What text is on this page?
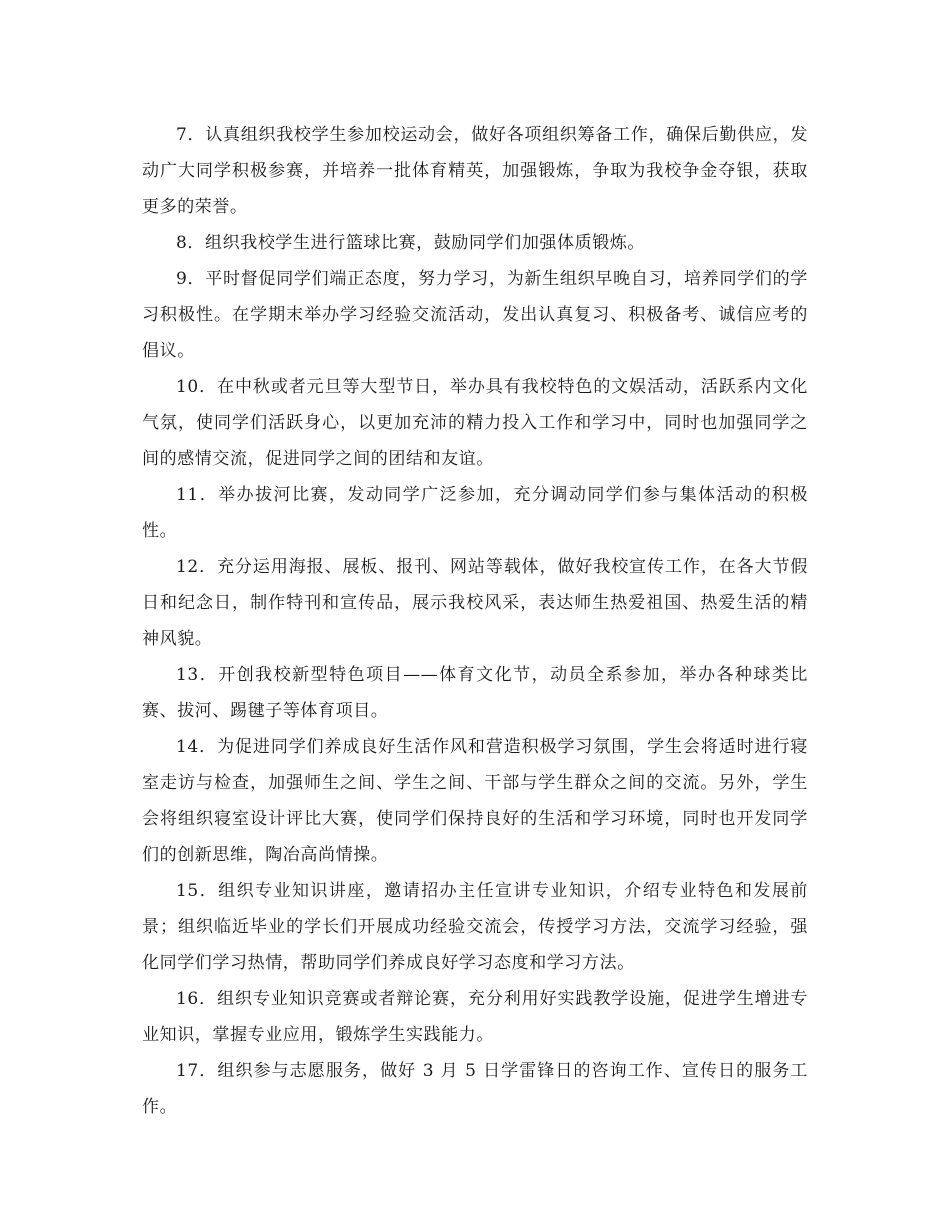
7．认真组织我校学生参加校运动会，做好各项组织筹备工作，确保后勤供应，发动广大同学积极参赛，并培养一批体育精英，加强锻炼，争取为我校争金夺银，获取更多的荣誉。

8．组织我校学生进行篮球比赛，鼓励同学们加强体质锻炼。

9．平时督促同学们端正态度，努力学习，为新生组织早晚自习，培养同学们的学习积极性。在学期末举办学习经验交流活动，发出认真复习、积极备考、诚信应考的倡议。

10．在中秋或者元旦等大型节日，举办具有我校特色的文娱活动，活跃系内文化气氛，使同学们活跃身心，以更加充沛的精力投入工作和学习中，同时也加强同学之间的感情交流，促进同学之间的团结和友谊。

11．举办拔河比赛，发动同学广泛参加，充分调动同学们参与集体活动的积极性。

12．充分运用海报、展板、报刊、网站等载体，做好我校宣传工作，在各大节假日和纪念日，制作特刊和宣传品，展示我校风采，表达师生热爱祖国、热爱生活的精神风貌。

13．开创我校新型特色项目——体育文化节，动员全系参加，举办各种球类比赛、拔河、踢毽子等体育项目。

14．为促进同学们养成良好生活作风和营造积极学习氛围，学生会将适时进行寝室走访与检查，加强师生之间、学生之间、干部与学生群众之间的交流。另外，学生会将组织寝室设计评比大赛，使同学们保持良好的生活和学习环境，同时也开发同学们的创新思维，陶冶高尚情操。

15．组织专业知识讲座，邀请招办主任宣讲专业知识，介绍专业特色和发展前景；组织临近毕业的学长们开展成功经验交流会，传授学习方法，交流学习经验，强化同学们学习热情，帮助同学们养成良好学习态度和学习方法。

16．组织专业知识竞赛或者辩论赛，充分利用好实践教学设施，促进学生增进专业知识，掌握专业应用，锻炼学生实践能力。

17．组织参与志愿服务，做好 3 月 5 日学雷锋日的咨询工作、宣传日的服务工作。
